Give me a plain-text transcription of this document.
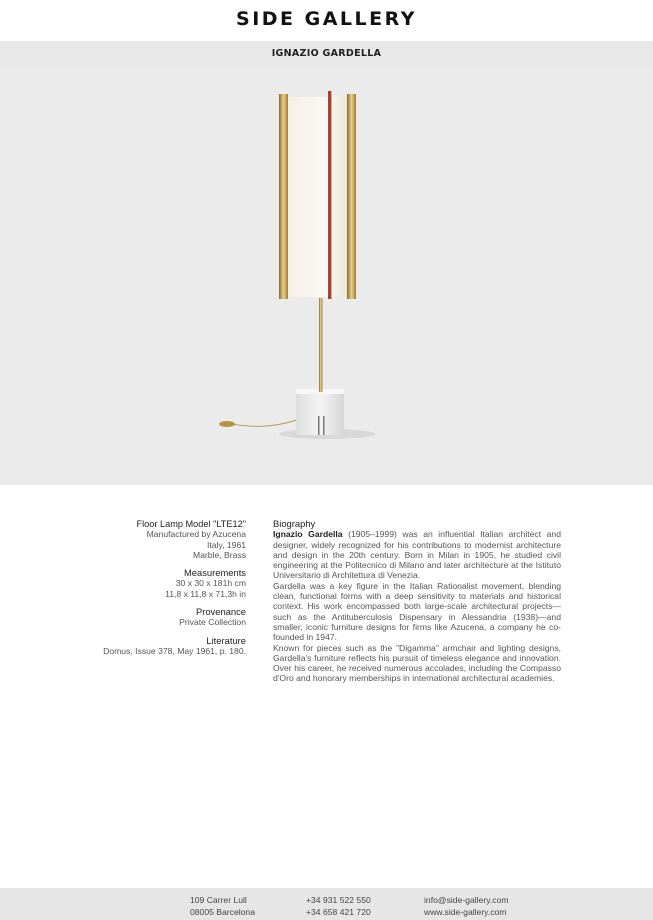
SIDE GALLERY
IGNAZIO GARDELLA
Floor Lamp Model "LTE12"
Manufactured by Azucena
Italy, 1961
Marble, Brass
Measurements
30 x 30 x 181h cm
11,8 x 11,8 x 71,3h in
Provenance
Private Collection
Literature
Domus, Issue 378, May 1961, p. 180.
Biography

Ignazio Gardella (1905–1999) was an influential Italian architect and designer, widely recognized for his contributions to modernist architecture and design in the 20th century. Born in Milan in 1905, he studied civil engineering at the Politecnico di Milano and later architecture at the Istituto Universitario di Architettura di Venezia.

Gardella was a key figure in the Italian Rationalist movement, blending clean, functional forms with a deep sensitivity to materials and historical context. His work encompassed both large-scale architectural projects—such as the Antituberculosis Dispensary in Alessandria (1938)—and smaller, iconic furniture designs for firms like Azucena, a company he co-founded in 1947.

Known for pieces such as the "Digamma" armchair and lighting designs, Gardella's furniture reflects his pursuit of timeless elegance and innovation. Over his career, he received numerous accolades, including the Compasso d'Oro and honorary memberships in international architectural academies.

109 Carrer Lull
08005 Barcelona
+34 931 522 550
+34 658 421 720
info@side-gallery.com
www.side-gallery.com
